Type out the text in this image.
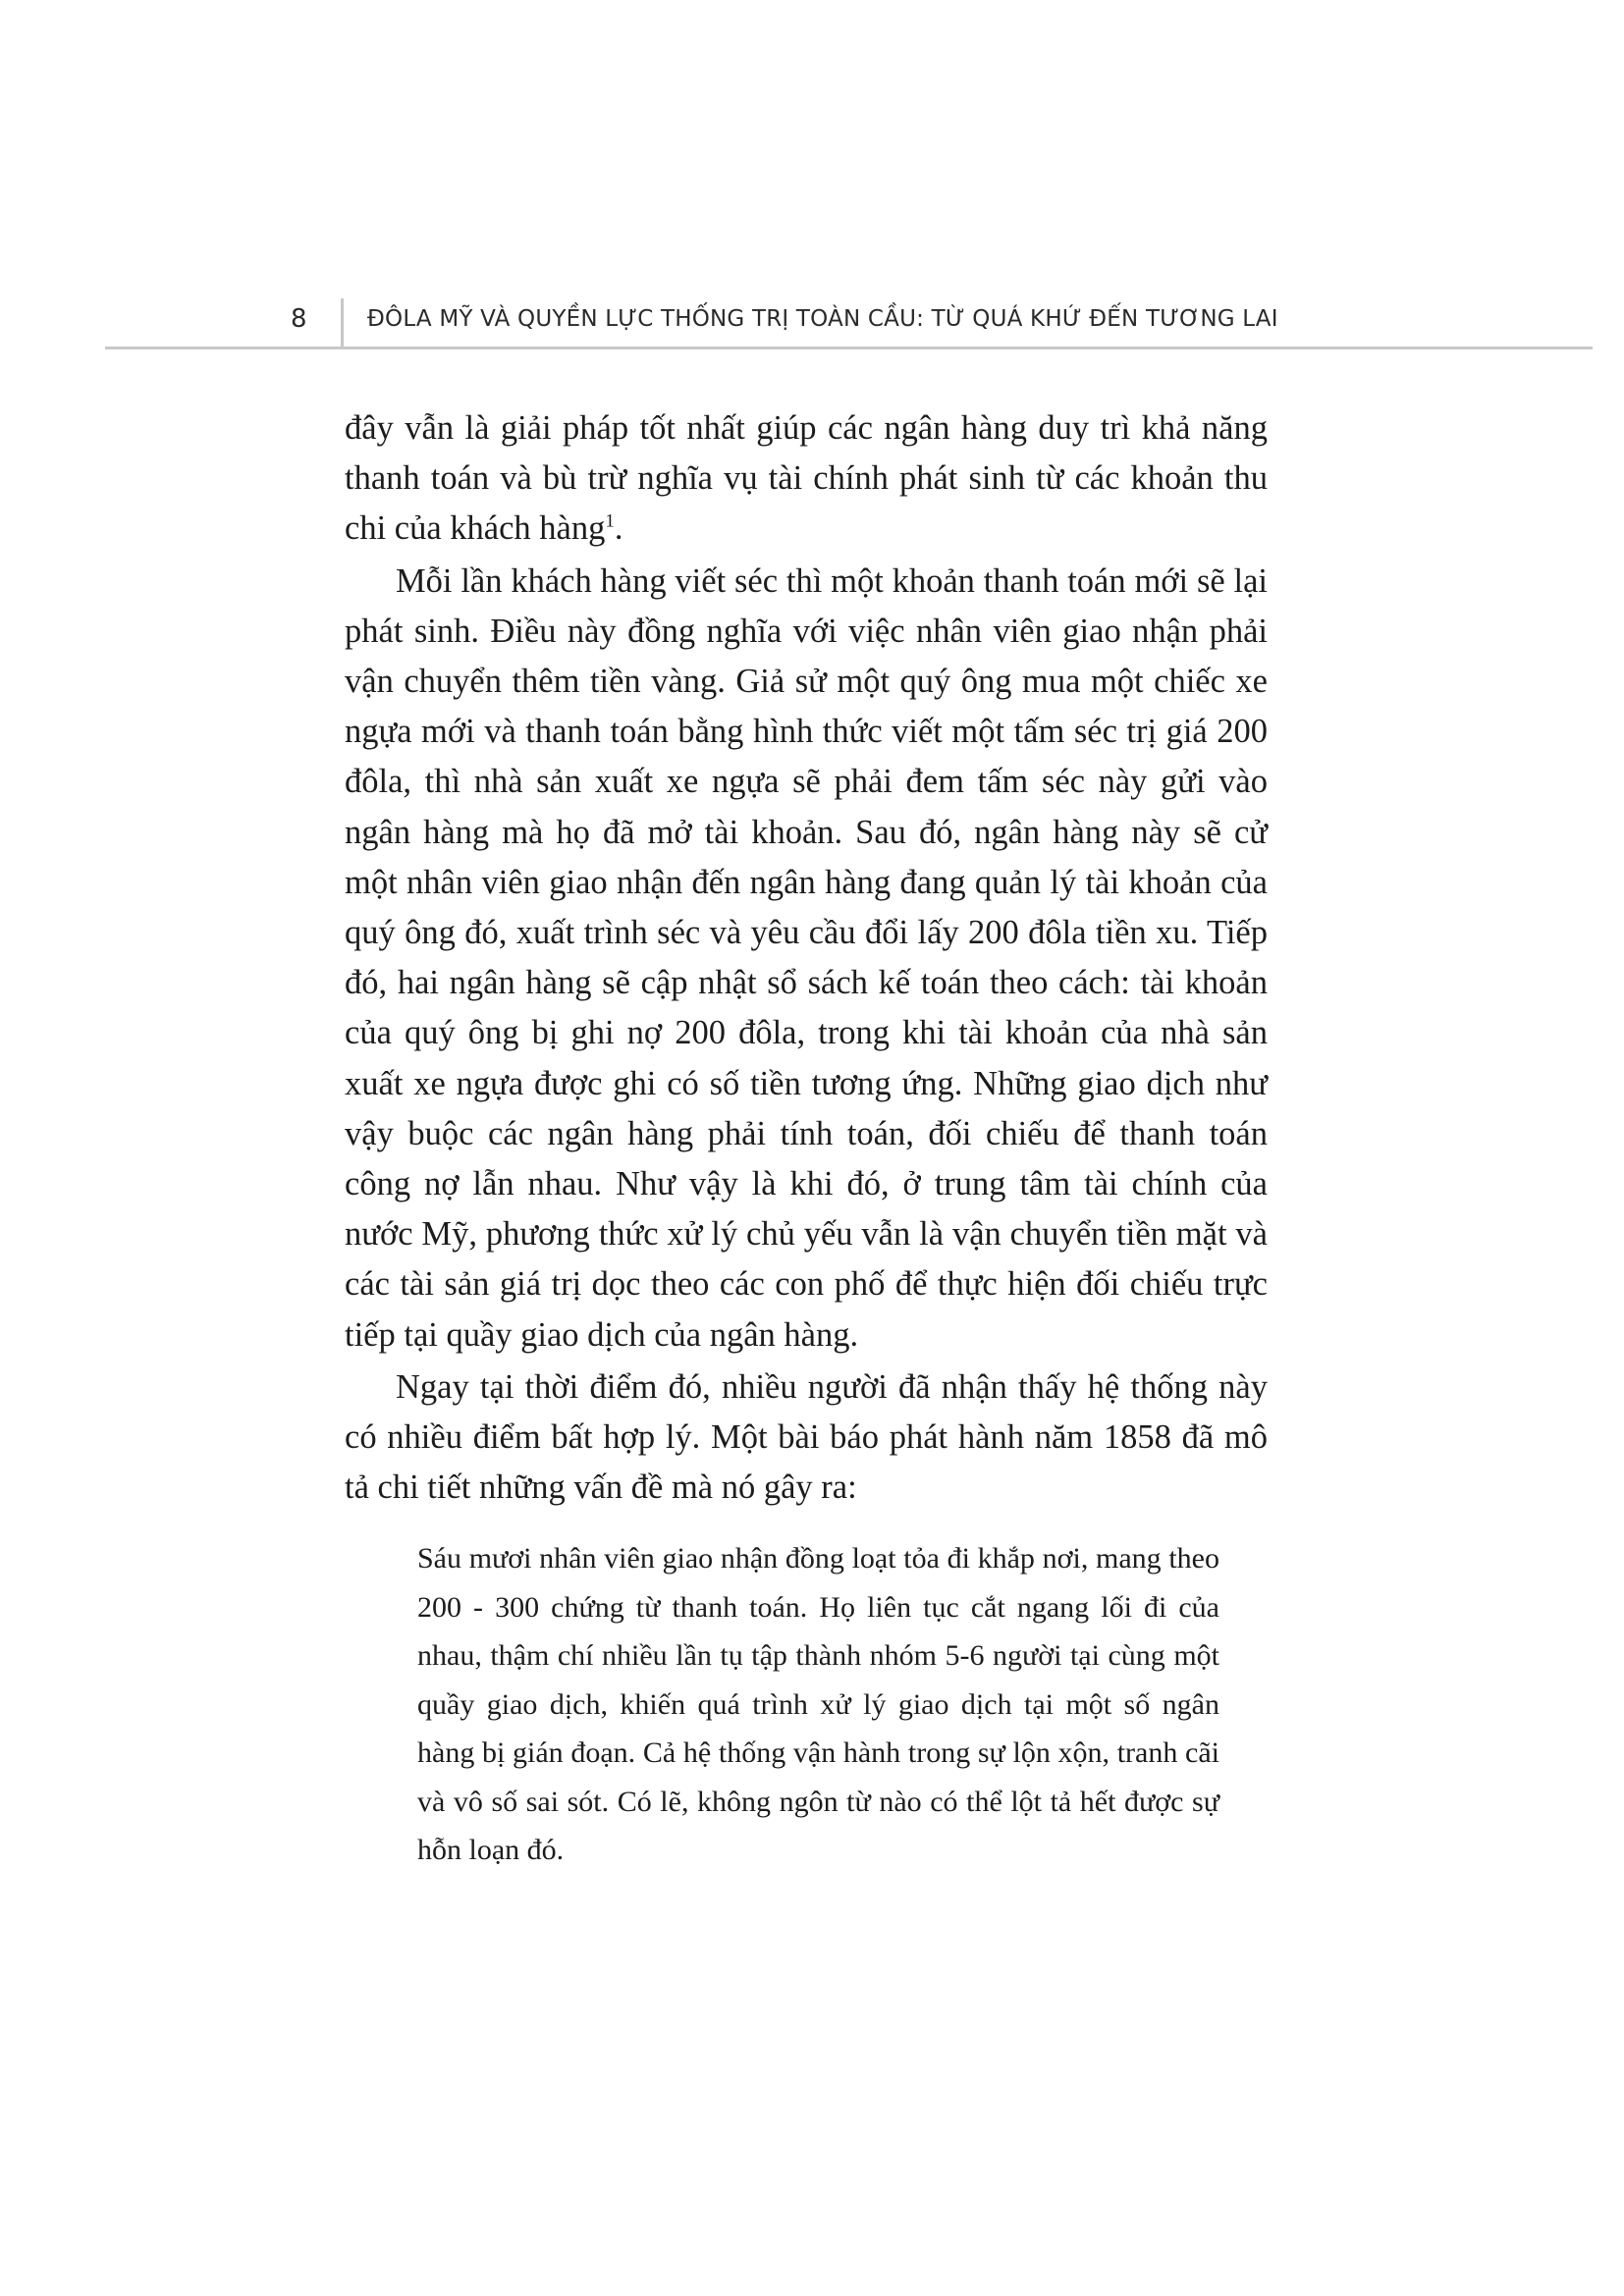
8	ĐÔLA MỸ VÀ QUYỀN LỰC THỐNG TRỊ TOÀN CẦU: TỪ QUÁ KHỨ ĐẾN TƯƠNG LAI

đây vẫn là giải pháp tốt nhất giúp các ngân hàng duy trì khả năng thanh toán và bù trừ nghĩa vụ tài chính phát sinh từ các khoản thu chi của khách hàng$^1$.

Mỗi lần khách hàng viết séc thì một khoản thanh toán mới sẽ lại phát sinh. Điều này đồng nghĩa với việc nhân viên giao nhận phải vận chuyển thêm tiền vàng. Giả sử một quý ông mua một chiếc xe ngựa mới và thanh toán bằng hình thức viết một tấm séc trị giá 200 đôla, thì nhà sản xuất xe ngựa sẽ phải đem tấm séc này gửi vào ngân hàng mà họ đã mở tài khoản. Sau đó, ngân hàng này sẽ cử một nhân viên giao nhận đến ngân hàng đang quản lý tài khoản của quý ông đó, xuất trình séc và yêu cầu đổi lấy 200 đôla tiền xu. Tiếp đó, hai ngân hàng sẽ cập nhật sổ sách kế toán theo cách: tài khoản của quý ông bị ghi nợ 200 đôla, trong khi tài khoản của nhà sản xuất xe ngựa được ghi có số tiền tương ứng. Những giao dịch như vậy buộc các ngân hàng phải tính toán, đối chiếu để thanh toán công nợ lẫn nhau. Như vậy là khi đó, ở trung tâm tài chính của nước Mỹ, phương thức xử lý chủ yếu vẫn là vận chuyển tiền mặt và các tài sản giá trị dọc theo các con phố để thực hiện đối chiếu trực tiếp tại quầy giao dịch của ngân hàng.

Ngay tại thời điểm đó, nhiều người đã nhận thấy hệ thống này có nhiều điểm bất hợp lý. Một bài báo phát hành năm 1858 đã mô tả chi tiết những vấn đề mà nó gây ra:

Sáu mươi nhân viên giao nhận đồng loạt tỏa đi khắp nơi, mang theo 200 - 300 chứng từ thanh toán. Họ liên tục cắt ngang lối đi của nhau, thậm chí nhiều lần tụ tập thành nhóm 5-6 người tại cùng một quầy giao dịch, khiến quá trình xử lý giao dịch tại một số ngân hàng bị gián đoạn. Cả hệ thống vận hành trong sự lộn xộn, tranh cãi và vô số sai sót. Có lẽ, không ngôn từ nào có thể lột tả hết được sự hỗn loạn đó.
